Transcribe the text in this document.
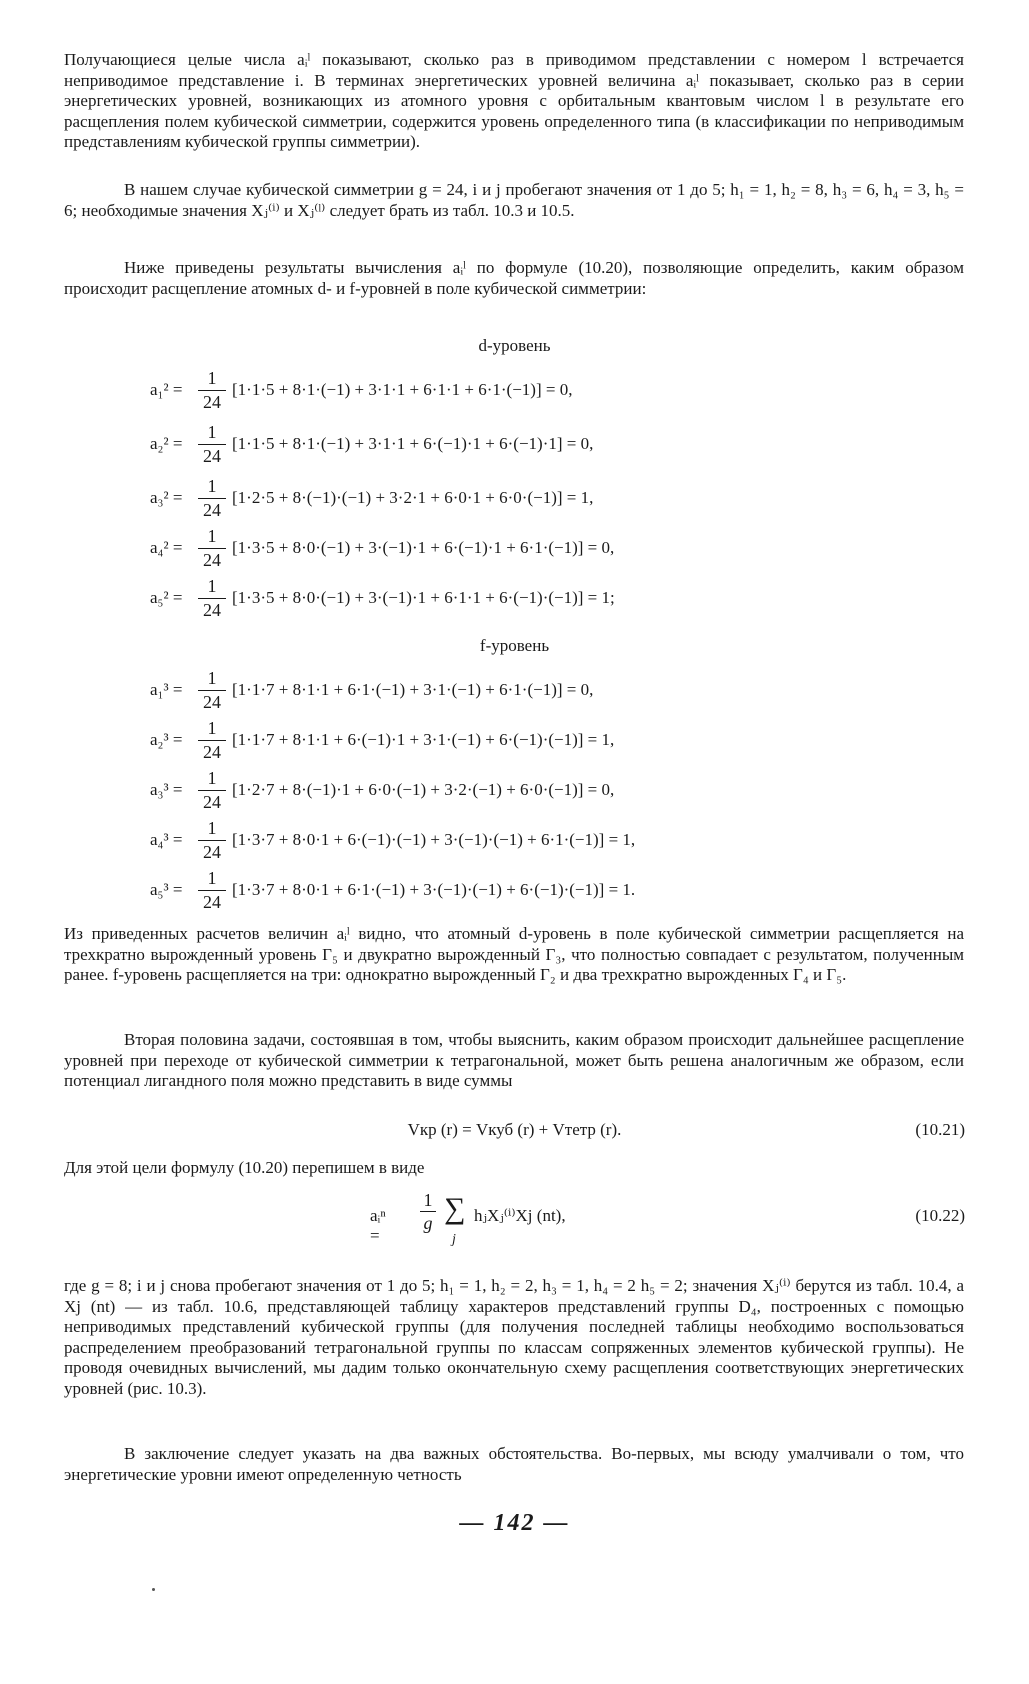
Получающиеся целые числа aᵢˡ показывают, сколько раз в приводимом представлении с номером l встречается неприводимое представление i. В терминах энергетических уровней величина aᵢˡ показывает, сколько раз в серии энергетических уровней, возникающих из атомного уровня с орбитальным квантовым числом l в результате его расщепления полем кубической симметрии, содержится уровень определенного типа (в классификации по неприводимым представлениям кубической группы симметрии).

В нашем случае кубической симметрии g = 24, i и j пробегают значения от 1 до 5; h₁ = 1, h₂ = 8, h₃ = 6, h₄ = 3, h₅ = 6; необходимые значения Xⱼ⁽ⁱ⁾ и Xⱼ⁽ˡ⁾ следует брать из табл. 10.3 и 10.5.

Ниже приведены результаты вычисления aᵢˡ по формуле (10.20), позволяющие определить, каким образом происходит расщепление атомных d- и f-уровней в поле кубической симметрии:

d-уровень

a₁² =
1
24
[1·1·5 + 8·1·(−1) + 3·1·1 + 6·1·1 + 6·1·(−1)] = 0,
a₂² =
1
24
[1·1·5 + 8·1·(−1) + 3·1·1 + 6·(−1)·1 + 6·(−1)·1] = 0,
a₃² =
1
24
[1·2·5 + 8·(−1)·(−1) + 3·2·1 + 6·0·1 + 6·0·(−1)] = 1,
a₄² =
1
24
[1·3·5 + 8·0·(−1) + 3·(−1)·1 + 6·(−1)·1 + 6·1·(−1)] = 0,
a₅² =
1
24
[1·3·5 + 8·0·(−1) + 3·(−1)·1 + 6·1·1 + 6·(−1)·(−1)] = 1;

f-уровень

a₁³ =
1
24
[1·1·7 + 8·1·1 + 6·1·(−1) + 3·1·(−1) + 6·1·(−1)] = 0,
a₂³ =
1
24
[1·1·7 + 8·1·1 + 6·(−1)·1 + 3·1·(−1) + 6·(−1)·(−1)] = 1,
a₃³ =
1
24
[1·2·7 + 8·(−1)·1 + 6·0·(−1) + 3·2·(−1) + 6·0·(−1)] = 0,
a₄³ =
1
24
[1·3·7 + 8·0·1 + 6·(−1)·(−1) + 3·(−1)·(−1) + 6·1·(−1)] = 1,
a₅³ =
1
24
[1·3·7 + 8·0·1 + 6·1·(−1) + 3·(−1)·(−1) + 6·(−1)·(−1)] = 1.

Из приведенных расчетов величин aᵢˡ видно, что атомный d-уровень в поле кубической симметрии расщепляется на трехкратно вырожденный уровень Γ₅ и двукратно вырожденный Γ₃, что полностью совпадает с результатом, полученным ранее. f-уровень расщепляется на три: однократно вырожденный Γ₂ и два трехкратно вырожденных Γ₄ и Γ₅.

Вторая половина задачи, состоявшая в том, чтобы выяснить, каким образом происходит дальнейшее расщепление уровней при переходе от кубической симметрии к тетрагональной, может быть решена аналогичным же образом, если потенциал лигандного поля можно представить в виде суммы

Vкр (r) = Vкуб (r) + Vтетр (r).	(10.21)

Для этой цели формулу (10.20) перепишем в виде

aᵢⁿ =
1
g ∑
j
hⱼXⱼ⁽ⁱ⁾Xj (nt),	(10.22)

где g = 8; i и j снова пробегают значения от 1 до 5; h₁ = 1, h₂ = 2, h₃ = 1, h₄ = 2 h₅ = 2; значения Xⱼ⁽ⁱ⁾ берутся из табл. 10.4, а Xj (nt) — из табл. 10.6, представляющей таблицу характеров представлений группы D₄, построенных с помощью неприводимых представлений кубической группы (для получения последней таблицы необходимо воспользоваться распределением преобразований тетрагональной группы по классам сопряженных элементов кубической группы). Не проводя очевидных вычислений, мы дадим только окончательную схему расщепления соответствующих энергетических уровней (рис. 10.3).

В заключение следует указать на два важных обстоятельства. Во-первых, мы всюду умалчивали о том, что энергетические уровни имеют определенную четность

— 142 —
